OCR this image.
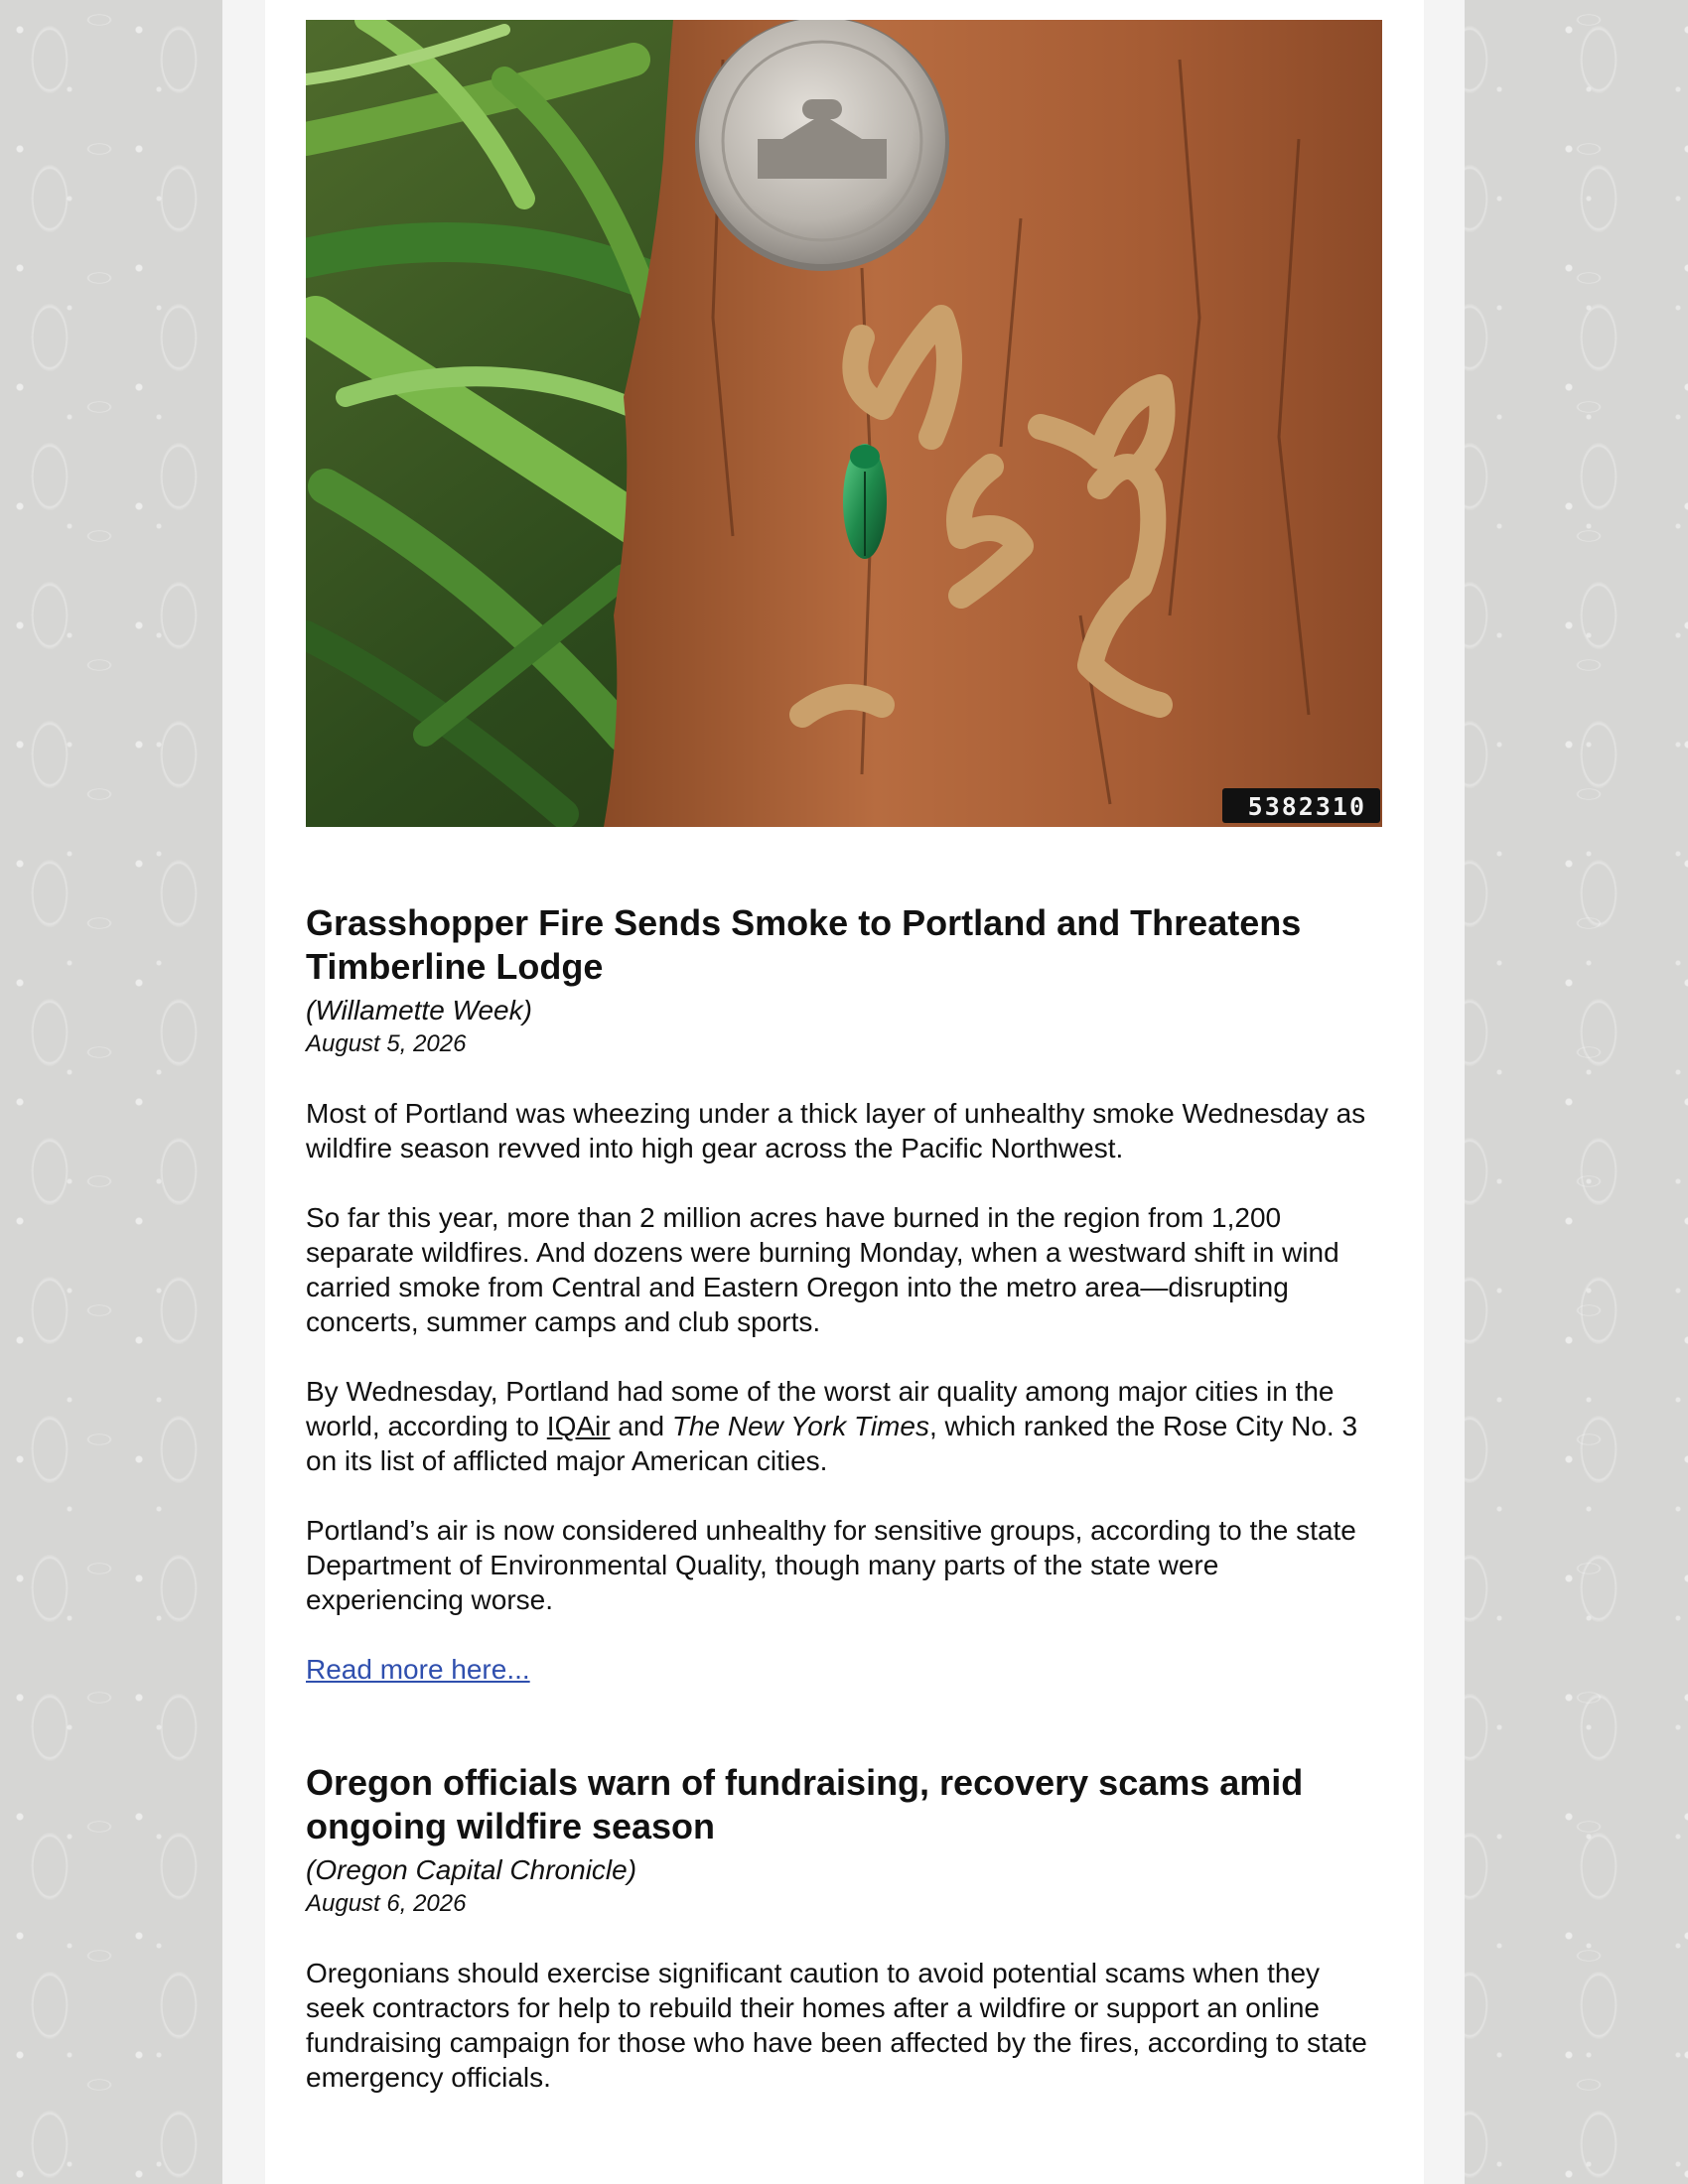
5382310
Grasshopper Fire Sends Smoke to Portland and Threatens Timberline Lodge
(Willamette Week)
August 5, 2026

Most of Portland was wheezing under a thick layer of unhealthy smoke Wednesday as wildfire season revved into high gear across the Pacific Northwest.

So far this year, more than 2 million acres have burned in the region from 1,200 separate wildfires. And dozens were burning Monday, when a westward shift in wind carried smoke from Central and Eastern Oregon into the metro area—disrupting concerts, summer camps and club sports.

By Wednesday, Portland had some of the worst air quality among major cities in the world, according to IQAir and The New York Times, which ranked the Rose City No. 3 on its list of afflicted major American cities.

Portland’s air is now considered unhealthy for sensitive groups, according to the state Department of Environmental Quality, though many parts of the state were experiencing worse.

Read more here...
Oregon officials warn of fundraising, recovery scams amid ongoing wildfire season
(Oregon Capital Chronicle)
August 6, 2026

Oregonians should exercise significant caution to avoid potential scams when they seek contractors for help to rebuild their homes after a wildfire or support an online fundraising campaign for those who have been affected by the fires, according to state emergency officials.
